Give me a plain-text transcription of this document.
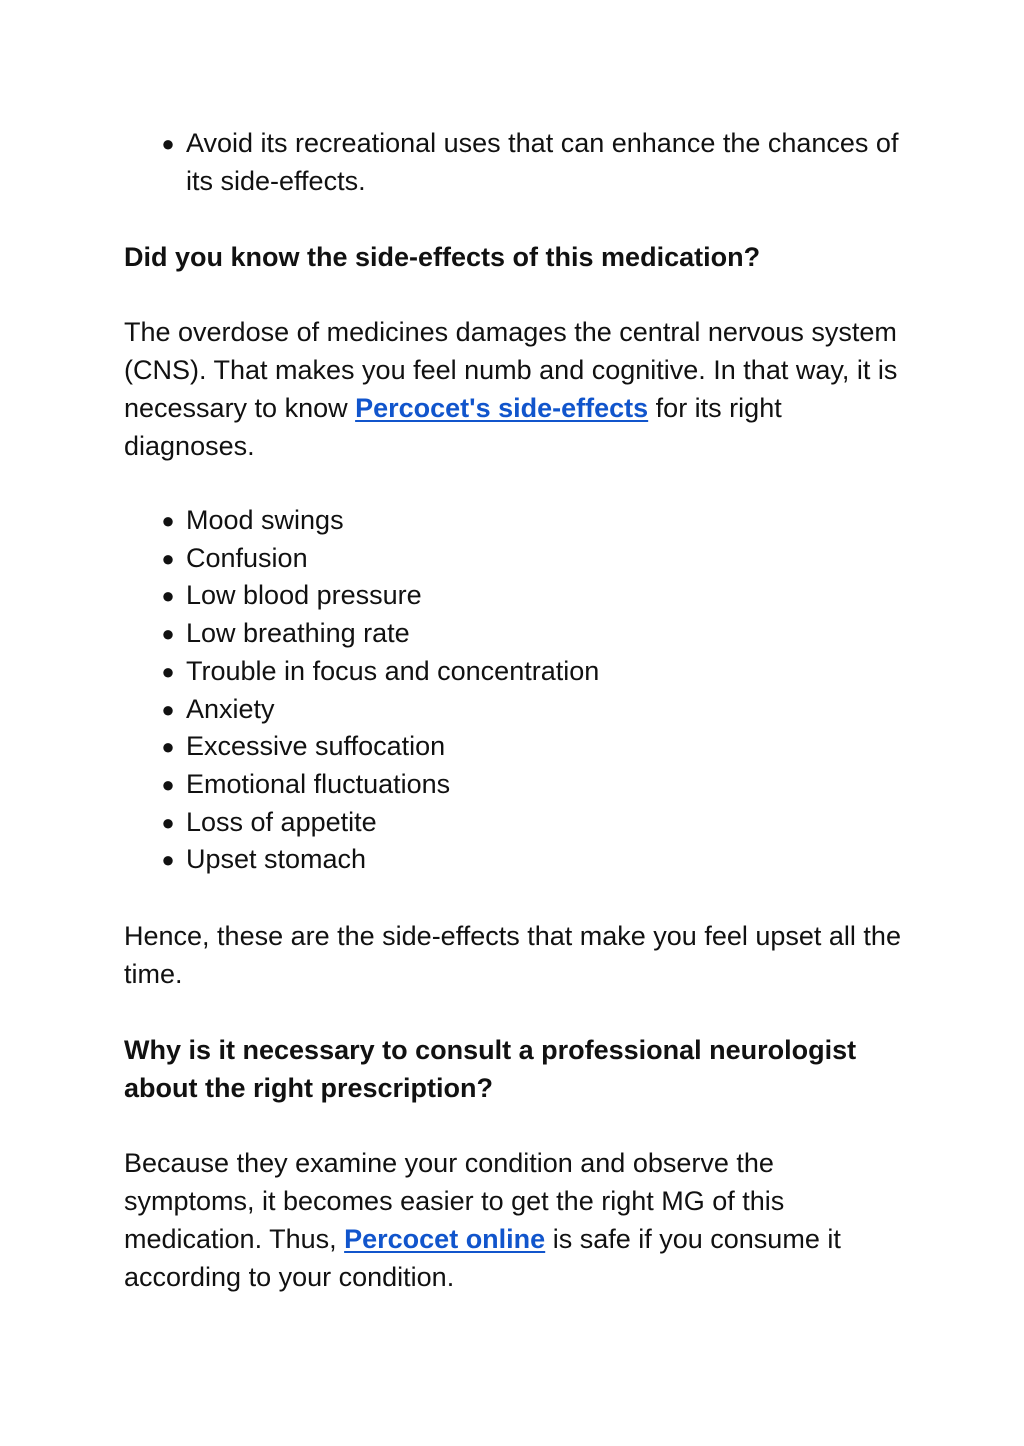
● Avoid its recreational uses that can enhance the chances of its side-effects.

Did you know the side-effects of this medication?

The overdose of medicines damages the central nervous system (CNS). That makes you feel numb and cognitive. In that way, it is necessary to know Percocet's side-effects for its right diagnoses.

● Mood swings
● Confusion
● Low blood pressure
● Low breathing rate
● Trouble in focus and concentration
● Anxiety
● Excessive suffocation
● Emotional fluctuations
● Loss of appetite
● Upset stomach

Hence, these are the side-effects that make you feel upset all the time.

Why is it necessary to consult a professional neurologist about the right prescription?

Because they examine your condition and observe the symptoms, it becomes easier to get the right MG of this medication. Thus, Percocet online is safe if you consume it according to your condition.
